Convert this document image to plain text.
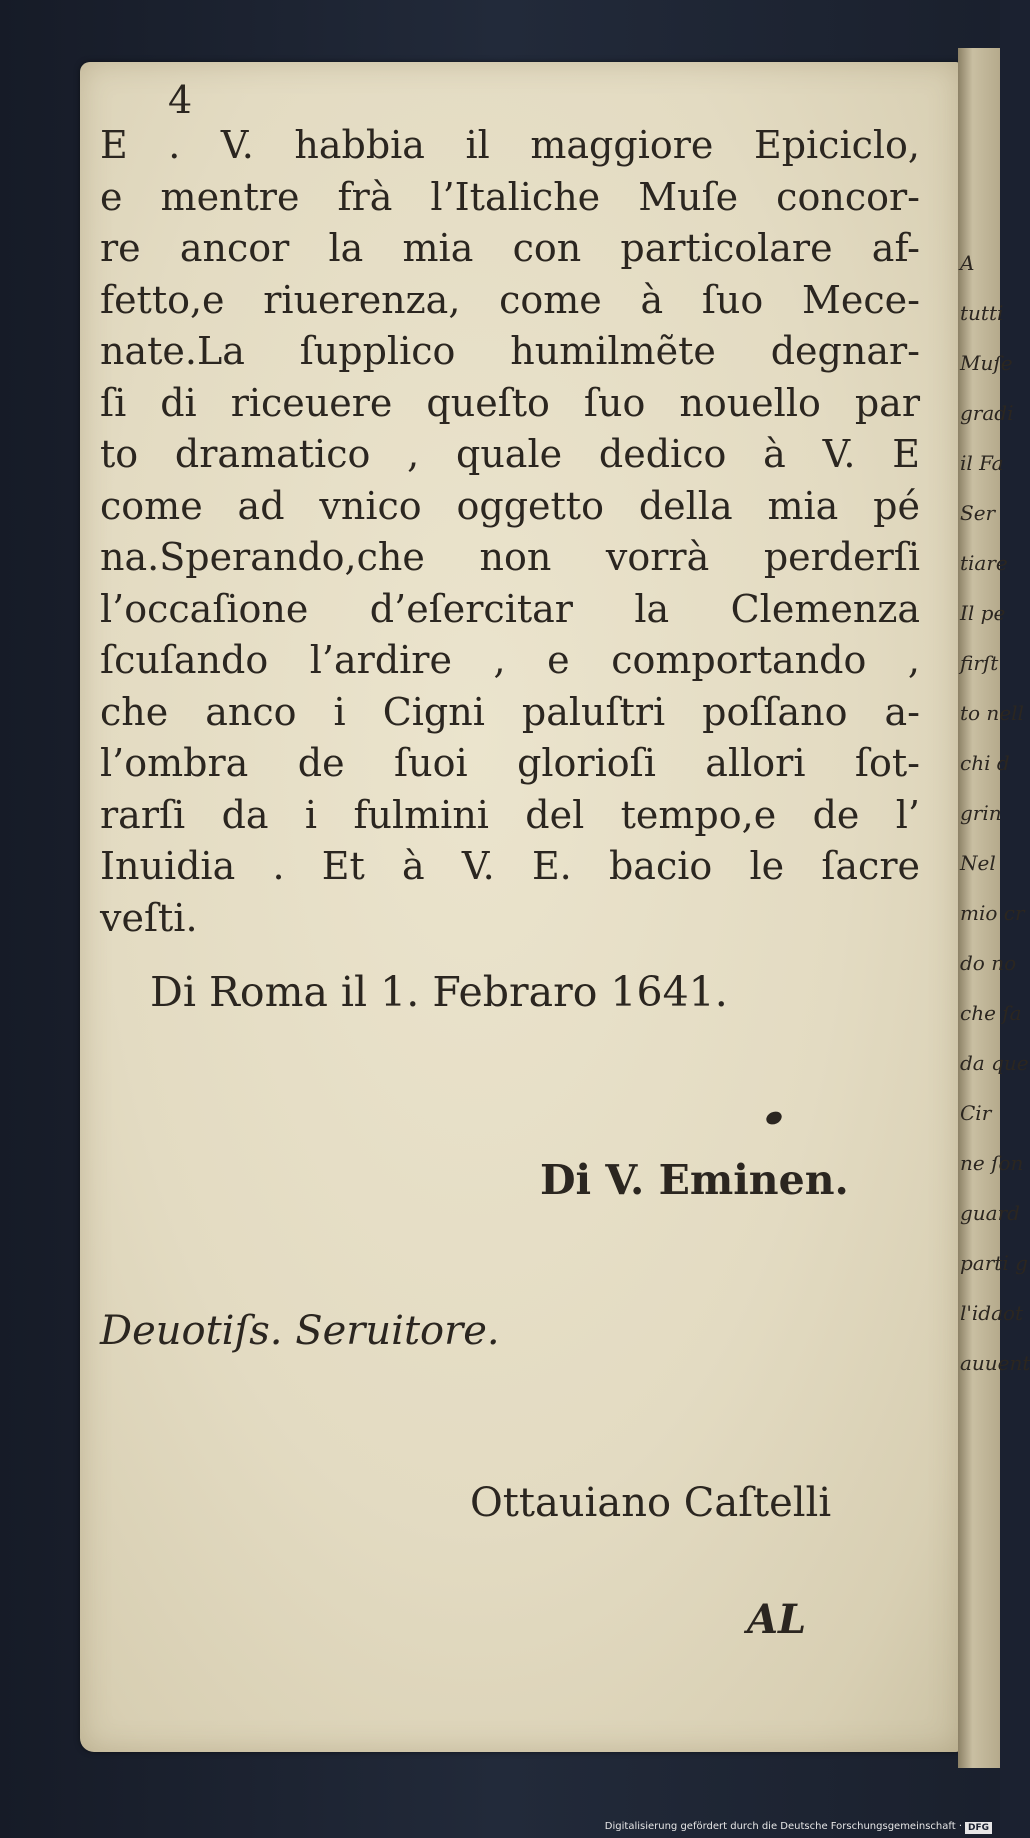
4
E . V. habbia il maggiore Epiciclo,
e mentre frà l’Italiche Muſe concor-
re ancor la mia con particolare af-
fetto,e riuerenza, come à ſuo Mece-
nate.La ſupplico humilmẽte degnar-
ſi di riceuere queſto ſuo nouello par
to dramatico , quale dedico à V. E
come ad vnico oggetto della mia pé
na.Sperando,che non vorrà perderſi
l’occaſione d’eſercitar la Clemenza
ſcuſando l’ardire , e comportando ,
che anco i Cigni paluſtri poſſano a-
l’ombra de ſuoi glorioſi allori ſot-
rarſi da i fulmini del tempo,e de l’
Inuidia . Et à V. E. bacio le ſacre
veſti.
Di Roma il 1. Febraro 1641.
Di V. Eminen.
Deuotiſs. Seruitore.
Ottauiano Caſtelli
AL
A
tutti
Muſe
gradi
il Fa
Ser
tiare
Il pe
firſt
to nell
chi d
grin
Nel
mio cr
do no
che ſa
da que
Cir
ne ſon
guard
parti g
l'idaot
auuent
Digitalisierung gefördert durch die Deutsche Forschungsgemeinschaft · DFG
